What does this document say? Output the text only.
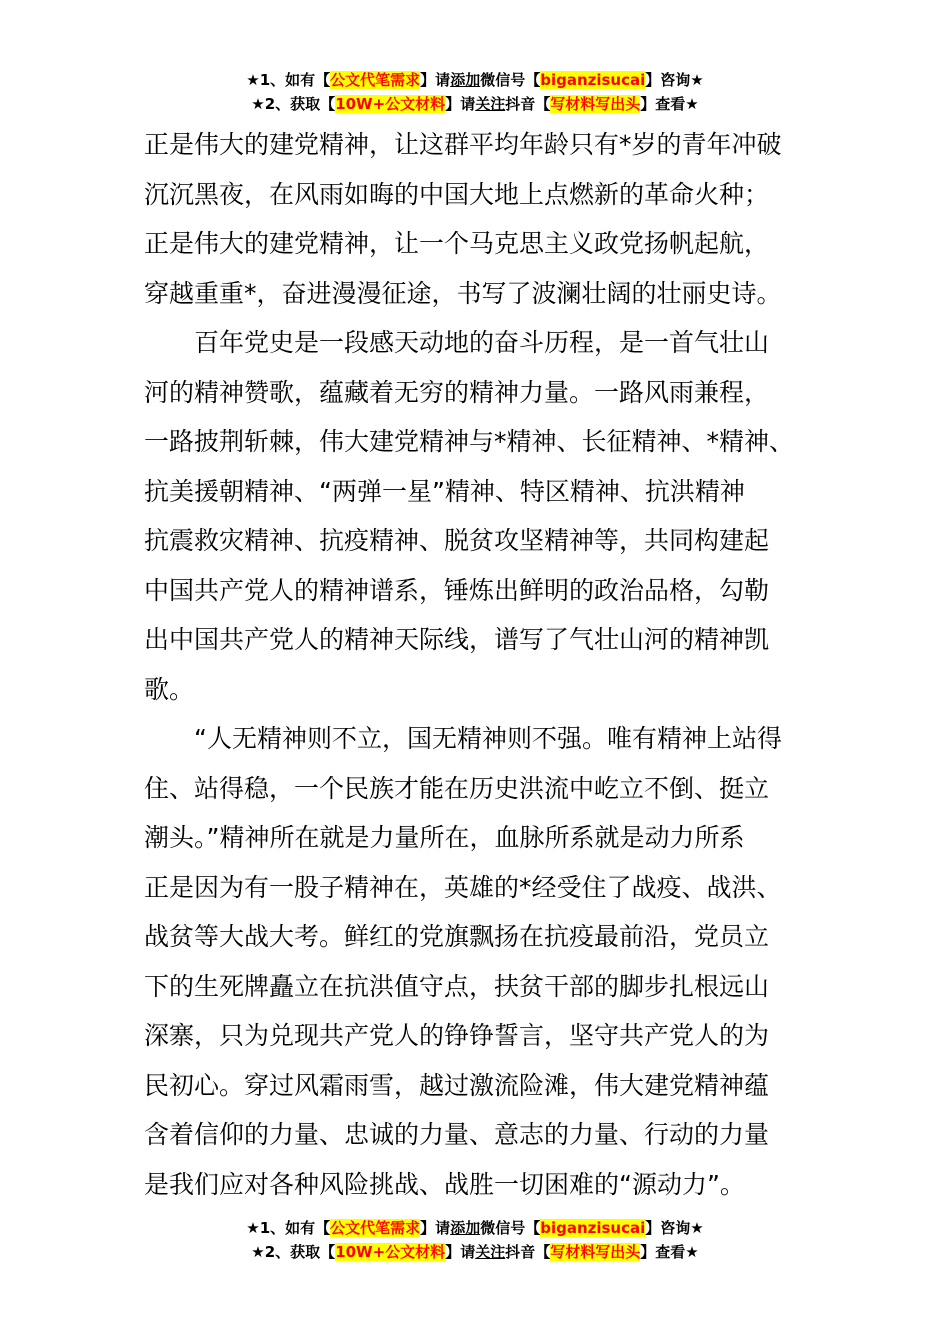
★1、如有【公文代笔需求】请添加微信号【biganzisucai】咨询★
★2、获取【10W+公文材料】请关注抖音【写材料写出头】查看★
正是伟大的建党精神，让这群平均年龄只有*岁的青年冲破
沉沉黑夜，在风雨如晦的中国大地上点燃新的革命火种；
正是伟大的建党精神，让一个马克思主义政党扬帆起航，
穿越重重*，奋进漫漫征途，书写了波澜壮阔的壮丽史诗。
　　百年党史是一段感天动地的奋斗历程，是一首气壮山
河的精神赞歌，蕴藏着无穷的精神力量。一路风雨兼程，
一路披荆斩棘，伟大建党精神与*精神、长征精神、*精神、
抗美援朝精神、“两弹一星”精神、特区精神、抗洪精神
抗震救灾精神、抗疫精神、脱贫攻坚精神等，共同构建起
中国共产党人的精神谱系，锤炼出鲜明的政治品格，勾勒
出中国共产党人的精神天际线，谱写了气壮山河的精神凯
歌。
　　“人无精神则不立，国无精神则不强。唯有精神上站得
住、站得稳，一个民族才能在历史洪流中屹立不倒、挺立
潮头。”精神所在就是力量所在，血脉所系就是动力所系
正是因为有一股子精神在，英雄的*经受住了战疫、战洪、
战贫等大战大考。鲜红的党旗飘扬在抗疫最前沿，党员立
下的生死牌矗立在抗洪值守点，扶贫干部的脚步扎根远山
深寨，只为兑现共产党人的铮铮誓言，坚守共产党人的为
民初心。穿过风霜雨雪，越过激流险滩，伟大建党精神蕴
含着信仰的力量、忠诚的力量、意志的力量、行动的力量
是我们应对各种风险挑战、战胜一切困难的“源动力”。
★1、如有【公文代笔需求】请添加微信号【biganzisucai】咨询★
★2、获取【10W+公文材料】请关注抖音【写材料写出头】查看★
